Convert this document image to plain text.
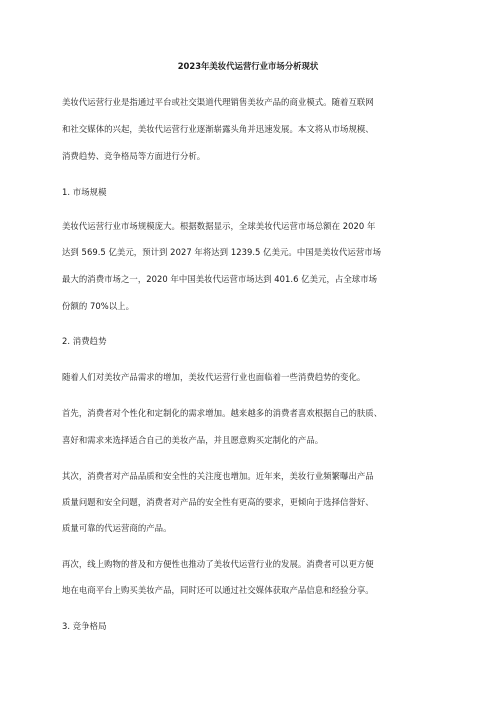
2023年美妆代运营行业市场分析现状
美妆代运营行业是指通过平台或社交渠道代理销售美妆产品的商业模式。随着互联网
和社交媒体的兴起，美妆代运营行业逐渐崭露头角并迅速发展。本文将从市场规模、
消费趋势、竞争格局等方面进行分析。
1. 市场规模
美妆代运营行业市场规模庞大。根据数据显示，全球美妆代运营市场总额在 2020 年
达到 569.5 亿美元，预计到 2027 年将达到 1239.5 亿美元。中国是美妆代运营市场
最大的消费市场之一，2020 年中国美妆代运营市场达到 401.6 亿美元，占全球市场
份额的 70%以上。
2. 消费趋势
随着人们对美妆产品需求的增加，美妆代运营行业也面临着一些消费趋势的变化。
首先，消费者对个性化和定制化的需求增加。越来越多的消费者喜欢根据自己的肤质、
喜好和需求来选择适合自己的美妆产品，并且愿意购买定制化的产品。
其次，消费者对产品品质和安全性的关注度也增加。近年来，美妆行业频繁曝出产品
质量问题和安全问题，消费者对产品的安全性有更高的要求，更倾向于选择信誉好、
质量可靠的代运营商的产品。
再次，线上购物的普及和方便性也推动了美妆代运营行业的发展。消费者可以更方便
地在电商平台上购买美妆产品，同时还可以通过社交媒体获取产品信息和经验分享。
3. 竞争格局
